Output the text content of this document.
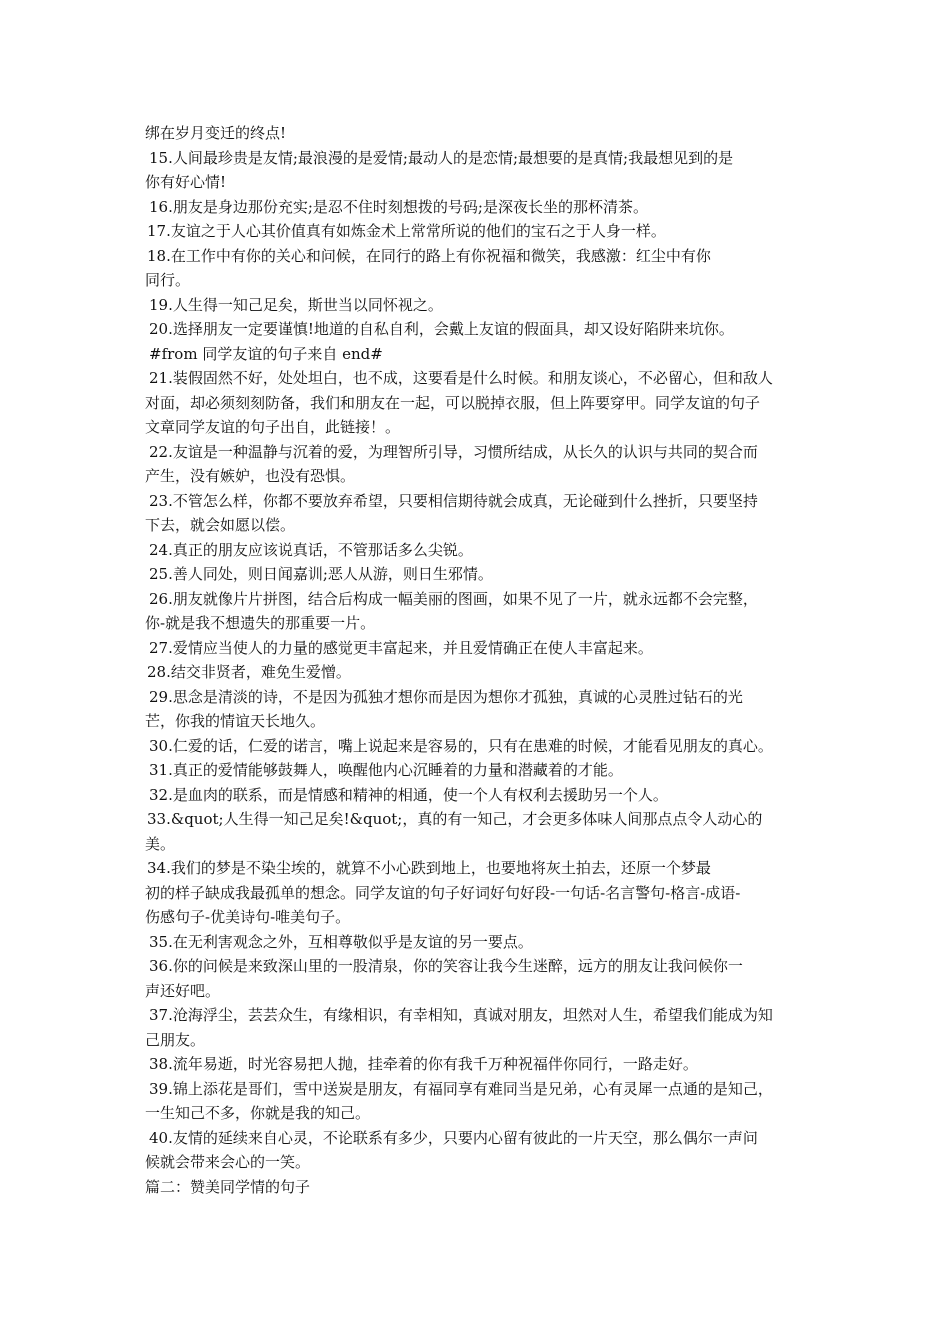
绑在岁月变迁的终点!
15.人间最珍贵是友情;最浪漫的是爱情;最动人的是恋情;最想要的是真情;我最想见到的是
你有好心情!
16.朋友是身边那份充实;是忍不住时刻想拨的号码;是深夜长坐的那杯清茶。
17.友谊之于人心其价值真有如炼金术上常常所说的他们的宝石之于人身一样。
18.在工作中有你的关心和问候，在同行的路上有你祝福和微笑，我感激：红尘中有你
同行。
19.人生得一知己足矣，斯世当以同怀视之。
20.选择朋友一定要谨慎!地道的自私自利，会戴上友谊的假面具，却又设好陷阱来坑你。
#from 同学友谊的句子来自 end#
21.装假固然不好，处处坦白，也不成，这要看是什么时候。和朋友谈心，不必留心，但和敌人
对面，却必须刻刻防备，我们和朋友在一起，可以脱掉衣服，但上阵要穿甲。同学友谊的句子
文章同学友谊的句子出自，此链接！。
22.友谊是一种温静与沉着的爱，为理智所引导，习惯所结成，从长久的认识与共同的契合而
产生，没有嫉妒，也没有恐惧。
23.不管怎么样，你都不要放弃希望，只要相信期待就会成真，无论碰到什么挫折，只要坚持
下去，就会如愿以偿。
24.真正的朋友应该说真话，不管那话多么尖锐。
25.善人同处，则日闻嘉训;恶人从游，则日生邪情。
26.朋友就像片片拼图，结合后构成一幅美丽的图画，如果不见了一片，就永远都不会完整，
你-就是我不想遗失的那重要一片。
27.爱情应当使人的力量的感觉更丰富起来，并且爱情确正在使人丰富起来。
28.结交非贤者，难免生爱憎。
29.思念是清淡的诗，不是因为孤独才想你而是因为想你才孤独，真诚的心灵胜过钻石的光
芒，你我的情谊天长地久。
30.仁爱的话，仁爱的诺言，嘴上说起来是容易的，只有在患难的时候，才能看见朋友的真心。
31.真正的爱情能够鼓舞人，唤醒他内心沉睡着的力量和潜藏着的才能。
32.是血肉的联系，而是情感和精神的相通，使一个人有权利去援助另一个人。
33.&quot;人生得一知己足矣!&quot;，真的有一知己，才会更多体味人间那点点令人动心的
美。
34.我们的梦是不染尘埃的，就算不小心跌到地上，也要地将灰土拍去，还原一个梦最
初的样子缺成我最孤单的想念。同学友谊的句子好词好句好段-一句话-名言警句-格言-成语-
伤感句子-优美诗句-唯美句子。
35.在无利害观念之外，互相尊敬似乎是友谊的另一要点。
36.你的问候是来致深山里的一股清泉，你的笑容让我今生迷醉，远方的朋友让我问候你一
声还好吧。
37.沧海浮尘，芸芸众生，有缘相识，有幸相知，真诚对朋友，坦然对人生，希望我们能成为知
己朋友。
38.流年易逝，时光容易把人抛，挂牵着的你有我千万种祝福伴你同行，一路走好。
39.锦上添花是哥们，雪中送炭是朋友，有福同享有难同当是兄弟，心有灵犀一点通的是知己，
一生知己不多，你就是我的知己。
40.友情的延续来自心灵，不论联系有多少，只要内心留有彼此的一片天空，那么偶尔一声问
候就会带来会心的一笑。
篇二：赞美同学情的句子
